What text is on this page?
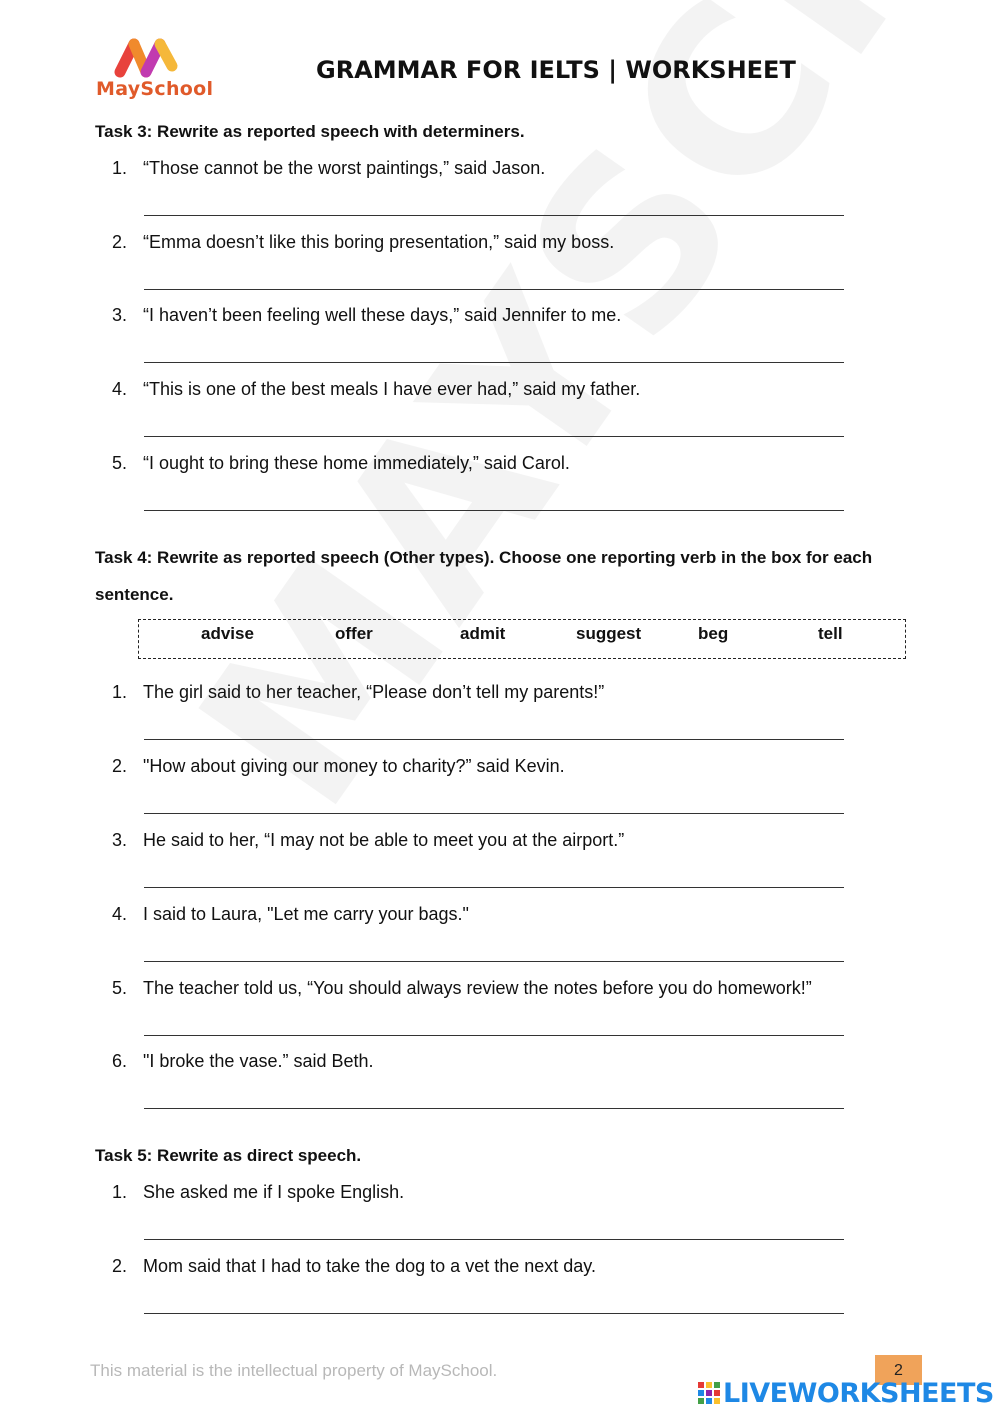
MaySchool
GRAMMAR FOR IELTS | WORKSHEET
Task 3: Rewrite as reported speech with determiners.
1. “Those cannot be the worst paintings,” said Jason.
2. “Emma doesn’t like this boring presentation,” said my boss.
3. “I haven’t been feeling well these days,” said Jennifer to me.
4. “This is one of the best meals I have ever had,” said my father.
5. “I ought to bring these home immediately,” said Carol.
Task 4: Rewrite as reported speech (Other types). Choose one reporting verb in the box for each
sentence.
advise	offer	admit	suggest	beg	tell
1. The girl said to her teacher, “Please don’t tell my parents!”
2. "How about giving our money to charity?” said Kevin.
3. He said to her, “I may not be able to meet you at the airport.”
4. I said to Laura, "Let me carry your bags."
5. The teacher told us, “You should always review the notes before you do homework!”
6. "I broke the vase.” said Beth.
Task 5: Rewrite as direct speech.
1. She asked me if I spoke English.
2. Mom said that I had to take the dog to a vet the next day.
This material is the intellectual property of MaySchool.	2
LIVEWORKSHEETS
